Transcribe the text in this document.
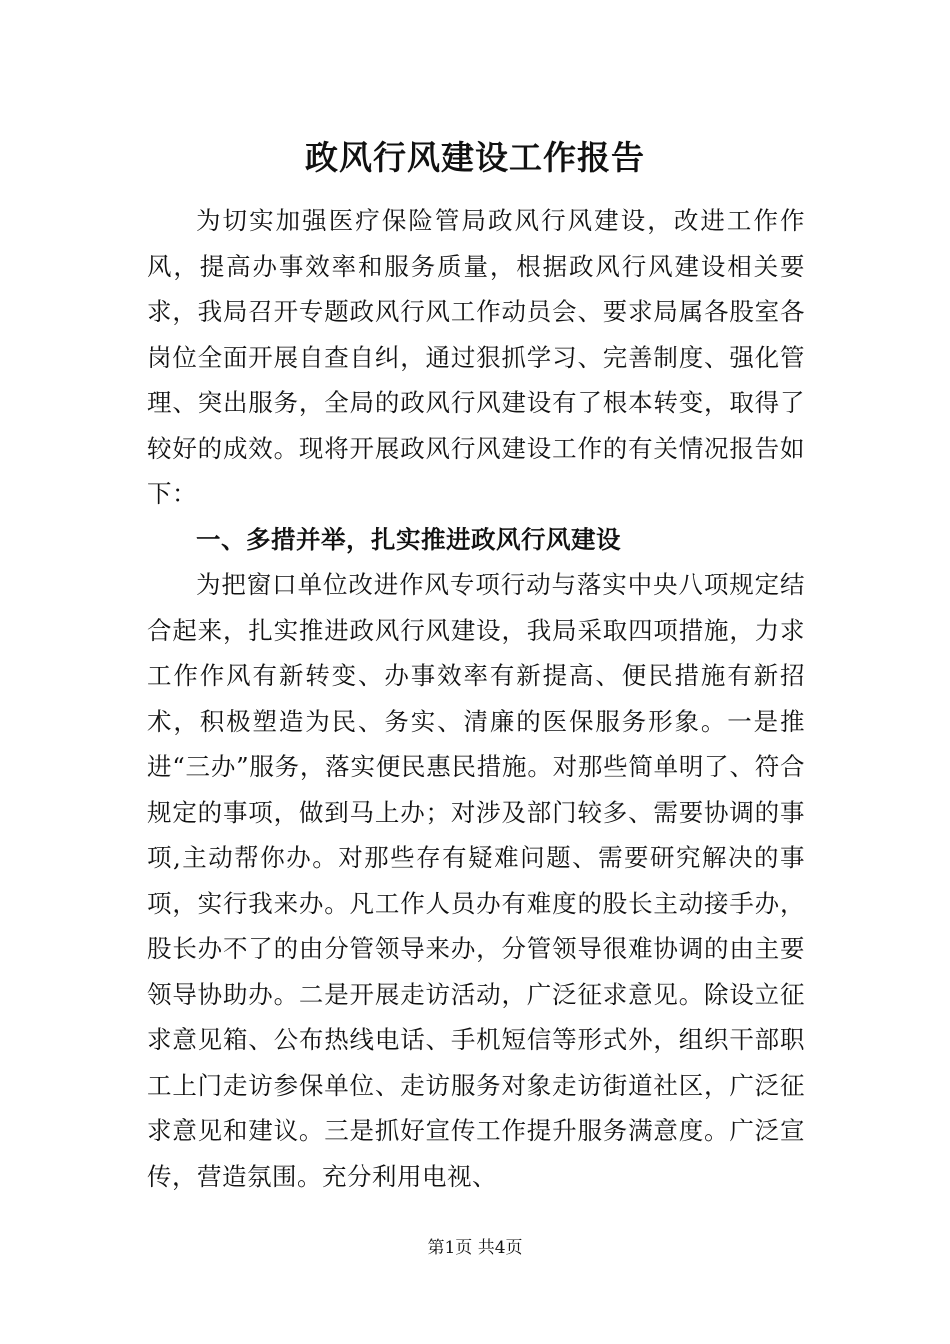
政风行风建设工作报告

为切实加强医疗保险管局政风行风建设，改进工作作风，提高办事效率和服务质量，根据政风行风建设相关要求，我局召开专题政风行风工作动员会、要求局属各股室各岗位全面开展自查自纠，通过狠抓学习、完善制度、强化管理、突出服务，全局的政风行风建设有了根本转变，取得了较好的成效。现将开展政风行风建设工作的有关情况报告如下：

一、多措并举，扎实推进政风行风建设

为把窗口单位改进作风专项行动与落实中央八项规定结合起来，扎实推进政风行风建设，我局采取四项措施，力求工作作风有新转变、办事效率有新提高、便民措施有新招术，积极塑造为民、务实、清廉的医保服务形象。一是推进“三办”服务，落实便民惠民措施。对那些简单明了、符合规定的事项，做到马上办；对涉及部门较多、需要协调的事项,主动帮你办。对那些存有疑难问题、需要研究解决的事项，实行我来办。凡工作人员办有难度的股长主动接手办，股长办不了的由分管领导来办，分管领导很难协调的由主要领导协助办。二是开展走访活动，广泛征求意见。除设立征求意见箱、公布热线电话、手机短信等形式外，组织干部职工上门走访参保单位、走访服务对象走访街道社区，广泛征求意见和建议。三是抓好宣传工作提升服务满意度。广泛宣传，营造氛围。充分利用电视、

第1页 共4页
